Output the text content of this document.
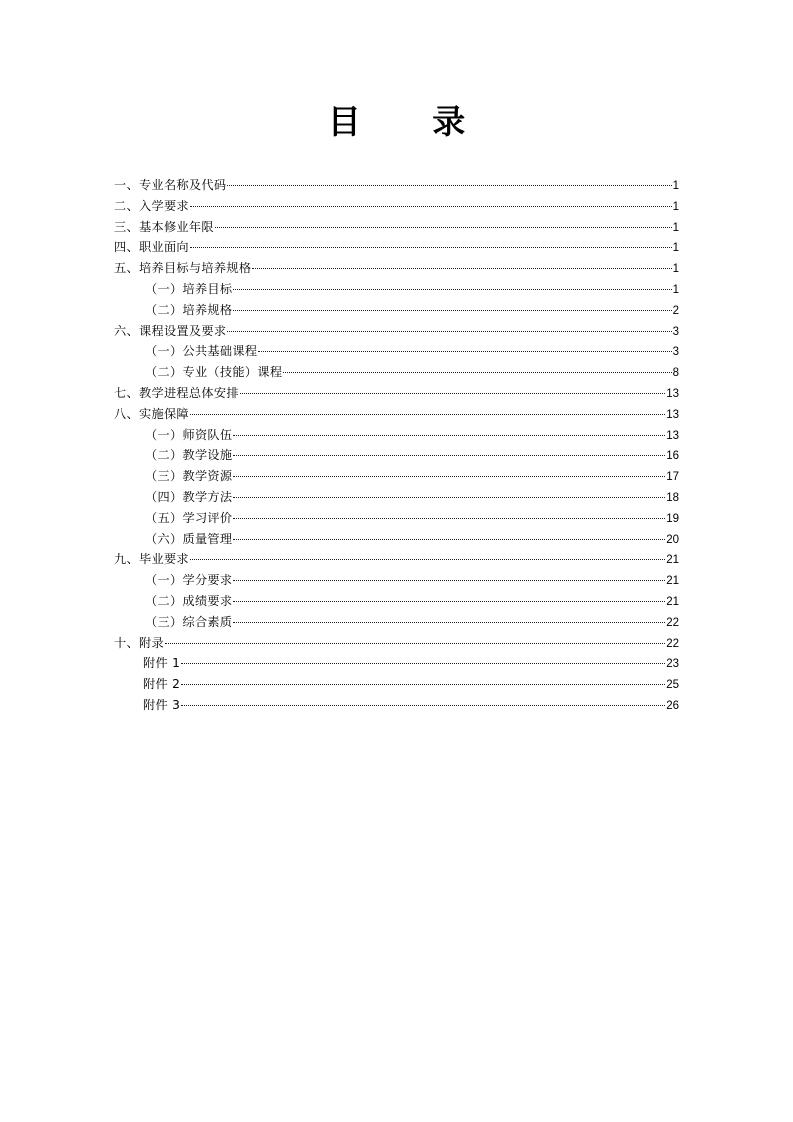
目 录
一、专业名称及代码	1
二、入学要求	1
三、基本修业年限	1
四、职业面向	1
五、培养目标与培养规格	1
（一）培养目标	1
（二）培养规格	2
六、课程设置及要求	3
（一）公共基础课程	3
（二）专业（技能）课程	8
七、教学进程总体安排	13
八、实施保障	13
（一）师资队伍	13
（二）教学设施	16
（三）教学资源	17
（四）教学方法	18
（五）学习评价	19
（六）质量管理	20
九、毕业要求	21
（一）学分要求	21
（二）成绩要求	21
（三）综合素质	22
十、附录	22
附件 1	23
附件 2	25
附件 3	26
